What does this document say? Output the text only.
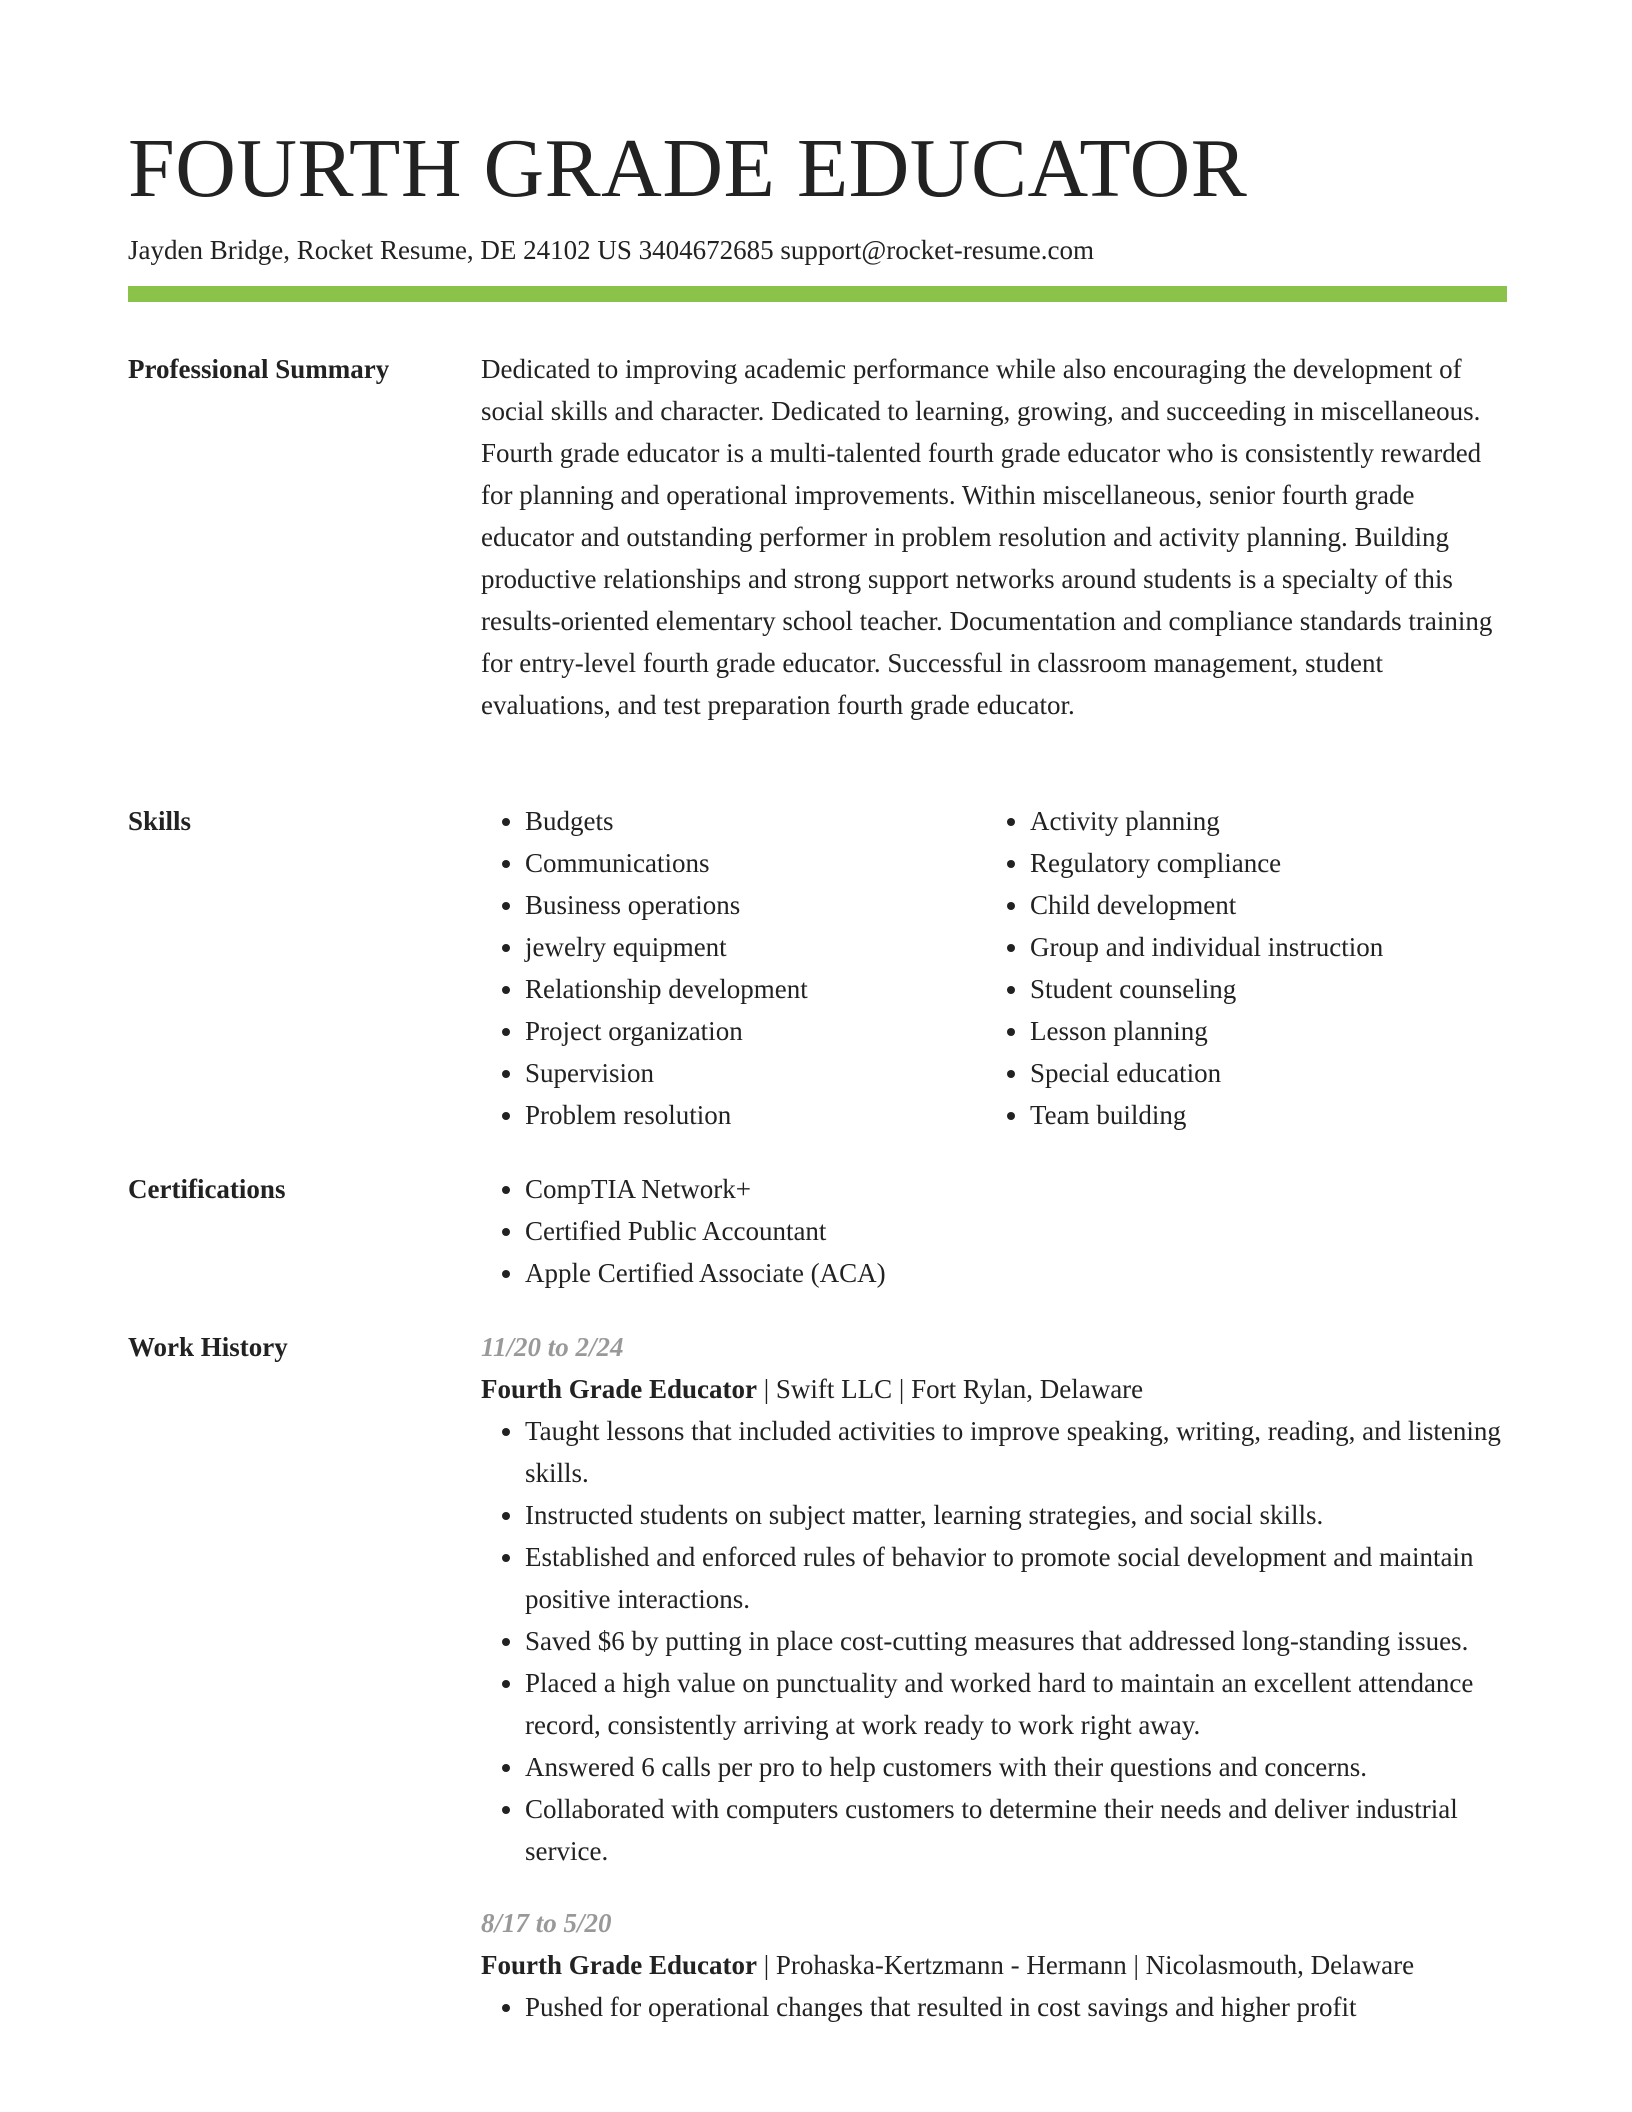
FOURTH GRADE EDUCATOR
Jayden Bridge, Rocket Resume, DE 24102 US 3404672685 support@rocket-resume.com
Professional Summary	Dedicated to improving academic performance while also encouraging the development of social skills and character. Dedicated to learning, growing, and succeeding in miscellaneous. Fourth grade educator is a multi-talented fourth grade educator who is consistently rewarded for planning and operational improvements. Within miscellaneous, senior fourth grade educator and outstanding performer in problem resolution and activity planning. Building productive relationships and strong support networks around students is a specialty of this results-oriented elementary school teacher. Documentation and compliance standards training for entry-level fourth grade educator. Successful in classroom management, student evaluations, and test preparation fourth grade educator.

Skills	• Budgets
• Communications
• Business operations
• jewelry equipment
• Relationship development
• Project organization
• Supervision
• Problem resolution
• Activity planning
• Regulatory compliance
• Child development
• Group and individual instruction
• Student counseling
• Lesson planning
• Special education
• Team building
Certifications	• CompTIA Network+
• Certified Public Accountant
• Apple Certified Associate (ACA)
Work History	11/20 to 2/24
Fourth Grade Educator | Swift LLC | Fort Rylan, Delaware
• Taught lessons that included activities to improve speaking, writing, reading, and listening skills.
• Instructed students on subject matter, learning strategies, and social skills.
• Established and enforced rules of behavior to promote social development and maintain positive interactions.
• Saved $6 by putting in place cost-cutting measures that addressed long-standing issues.
• Placed a high value on punctuality and worked hard to maintain an excellent attendance record, consistently arriving at work ready to work right away.
• Answered 6 calls per pro to help customers with their questions and concerns.
• Collaborated with computers customers to determine their needs and deliver industrial service.
8/17 to 5/20
Fourth Grade Educator | Prohaska-Kertzmann - Hermann | Nicolasmouth, Delaware
• Pushed for operational changes that resulted in cost savings and higher profit
